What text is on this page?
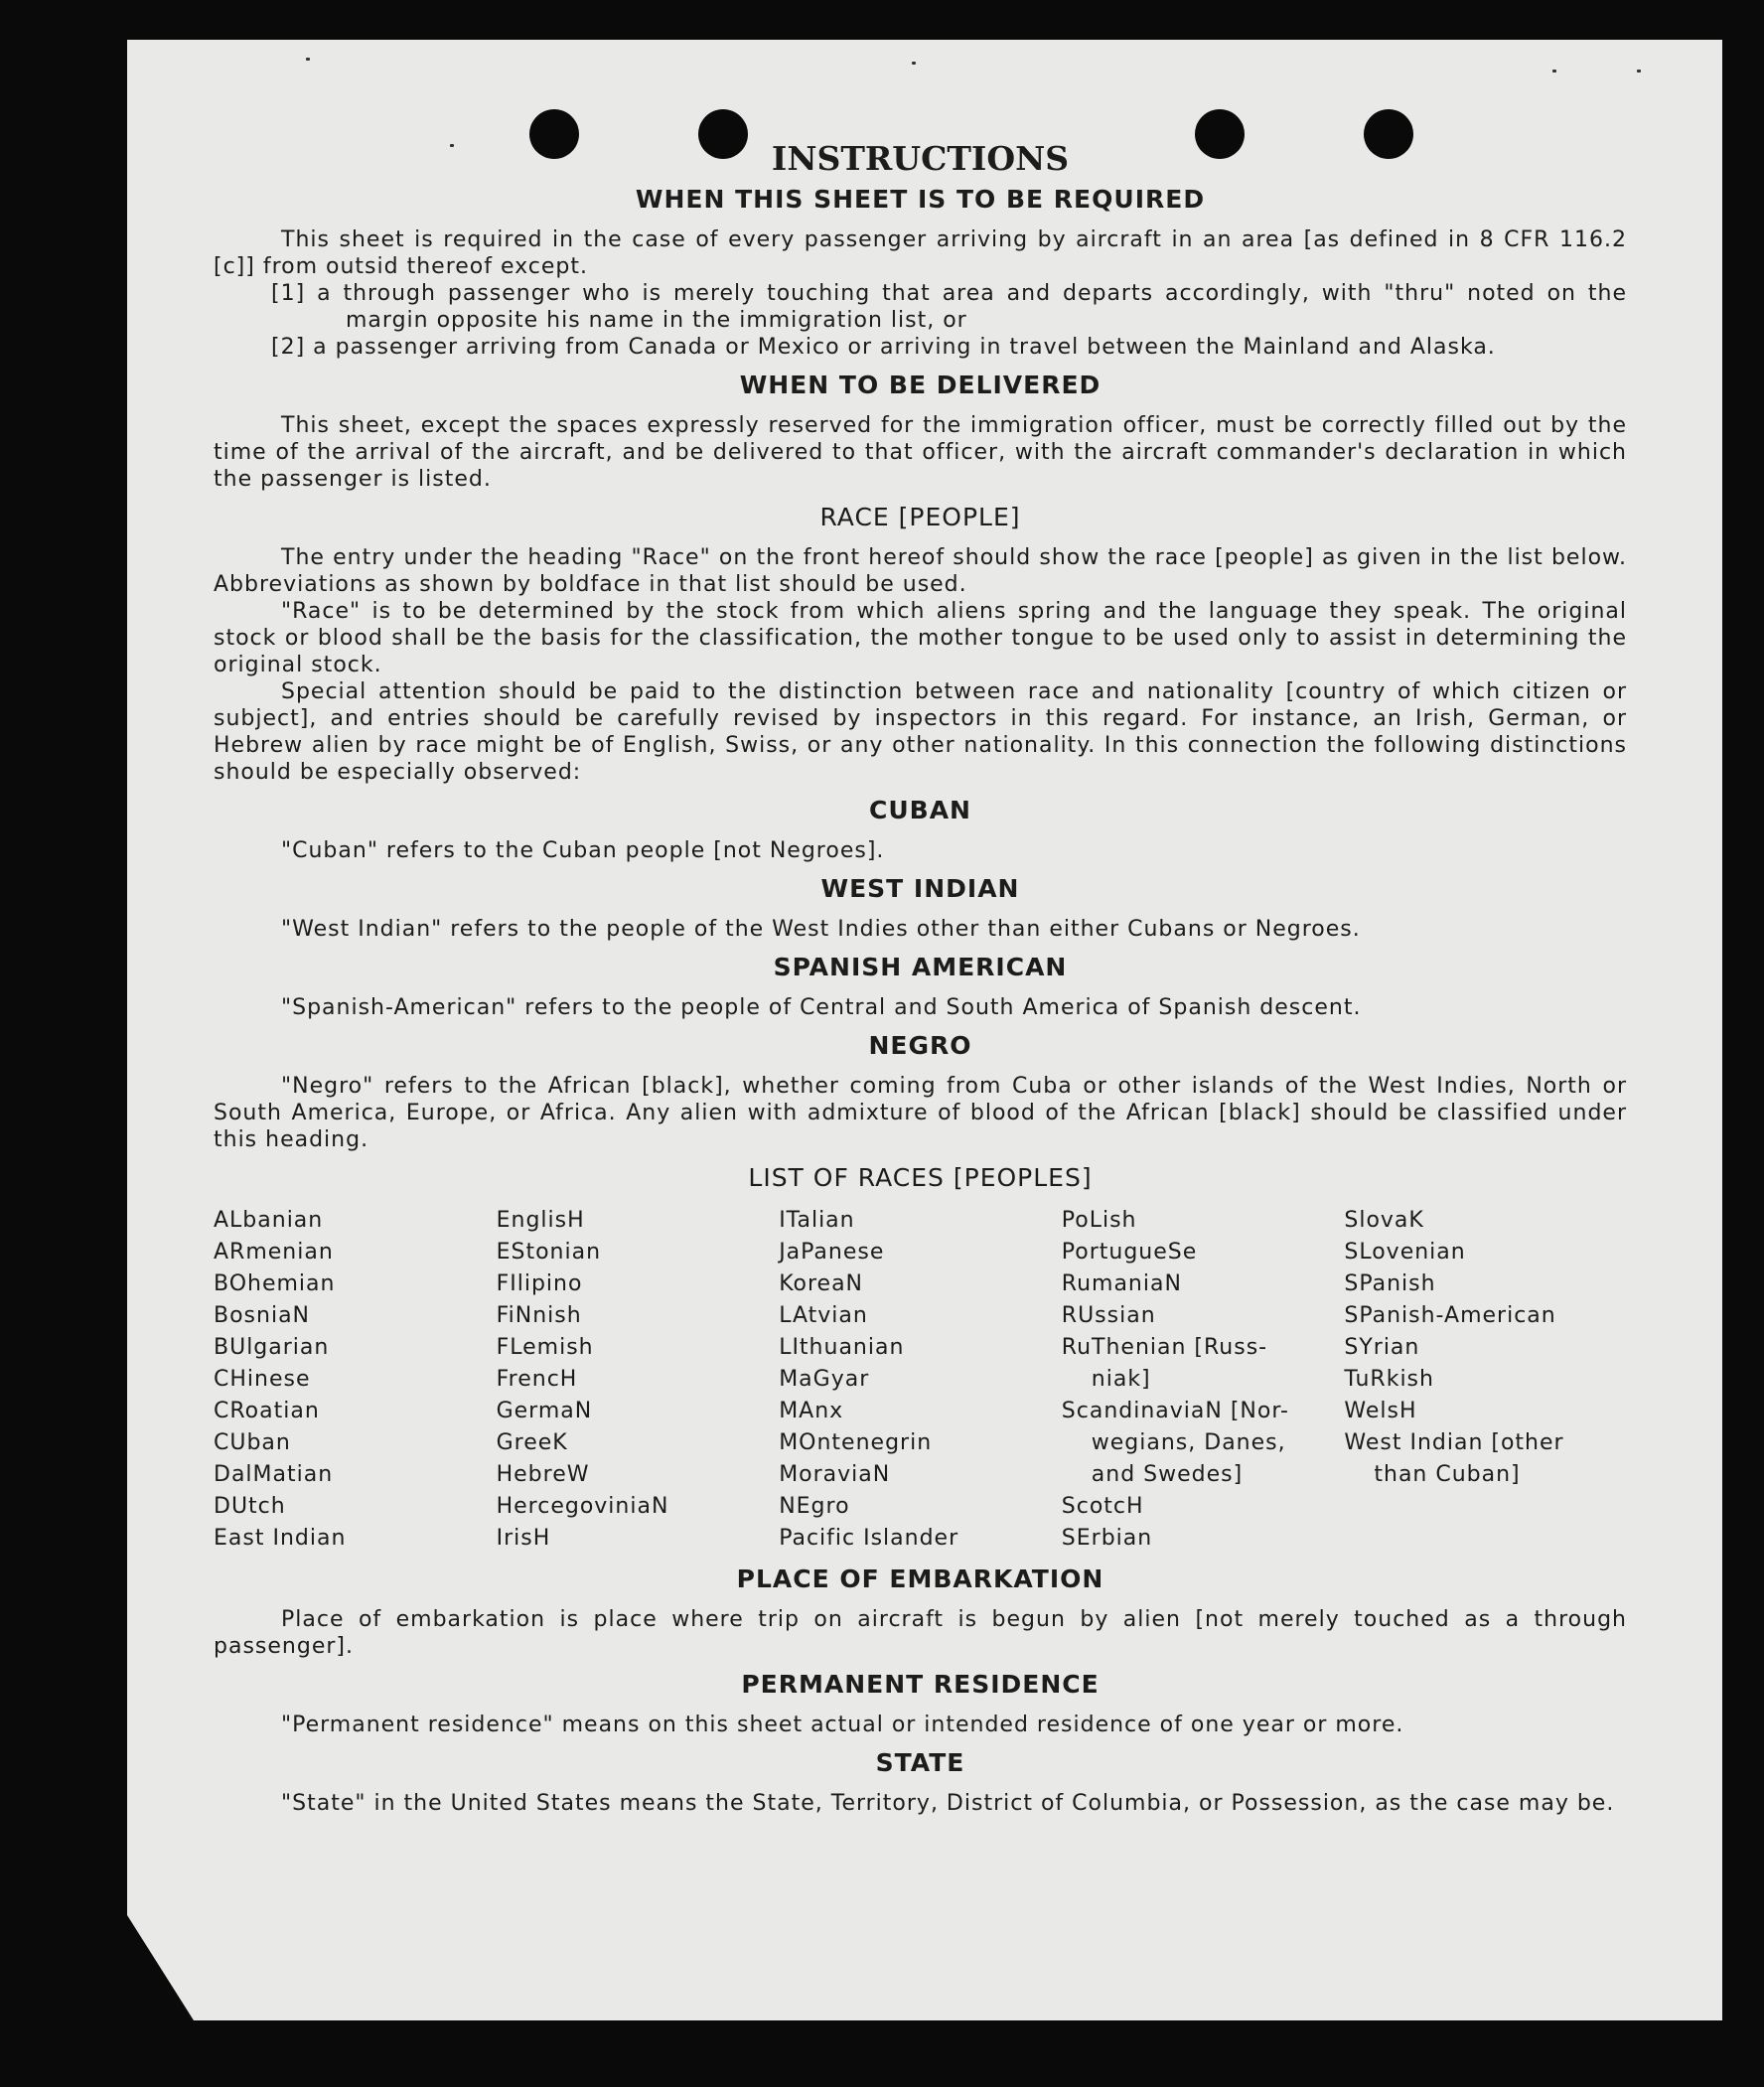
INSTRUCTIONS
WHEN THIS SHEET IS TO BE REQUIRED

This sheet is required in the case of every passenger arriving by aircraft in an area [as defined in 8 CFR 116.2 [c]] from outsid thereof except.

[1] a through passenger who is merely touching that area and departs accordingly, with "thru" noted on the margin opposite his name in the immigration list, or

[2] a passenger arriving from Canada or Mexico or arriving in travel between the Mainland and Alaska.

WHEN TO BE DELIVERED

This sheet, except the spaces expressly reserved for the immigration officer, must be correctly filled out by the time of the arrival of the aircraft, and be delivered to that officer, with the aircraft commander's declaration in which the passenger is listed.

RACE [PEOPLE]

The entry under the heading "Race" on the front hereof should show the race [people] as given in the list below. Abbreviations as shown by boldface in that list should be used.

"Race" is to be determined by the stock from which aliens spring and the language they speak. The original stock or blood shall be the basis for the classification, the mother tongue to be used only to assist in determining the original stock.

Special attention should be paid to the distinction between race and nationality [country of which citizen or subject], and entries should be carefully revised by inspectors in this regard. For instance, an Irish, German, or Hebrew alien by race might be of English, Swiss, or any other nationality. In this connection the following distinctions should be especially observed:

CUBAN

"Cuban" refers to the Cuban people [not Negroes].

WEST INDIAN

"West Indian" refers to the people of the West Indies other than either Cubans or Negroes.

SPANISH AMERICAN

"Spanish-American" refers to the people of Central and South America of Spanish descent.

NEGRO

"Negro" refers to the African [black], whether coming from Cuba or other islands of the West Indies, North or South America, Europe, or Africa. Any alien with admixture of blood of the African [black] should be classified under this heading.

LIST OF RACES [PEOPLES]
ALbanian
ARmenian
BOhemian
BosniaN
BUlgarian
CHinese
CRoatian
CUban
DalMatian
DUtch
East Indian
EnglisH
EStonian
FIlipino
FiNnish
FLemish
FrencH
GermaN
GreeK
HebreW
HercegoviniaN
IrisH
ITalian
JaPanese
KoreaN
LAtvian
LIthuanian
MaGyar
MAnx
MOntenegrin
MoraviaN
NEgro
Pacific Islander
PoLish
PortugueSe
RumaniaN
RUssian
RuThenian [Russ-
niak]
ScandinaviaN [Nor-
wegians, Danes,
and Swedes]
ScotcH
SErbian
SlovaK
SLovenian
SPanish
SPanish-American
SYrian
TuRkish
WelsH
West Indian [other
than Cuban]
PLACE OF EMBARKATION

Place of embarkation is place where trip on aircraft is begun by alien [not merely touched as a through passenger].

PERMANENT RESIDENCE

"Permanent residence" means on this sheet actual or intended residence of one year or more.

STATE

"State" in the United States means the State, Territory, District of Columbia, or Possession, as the case may be.
